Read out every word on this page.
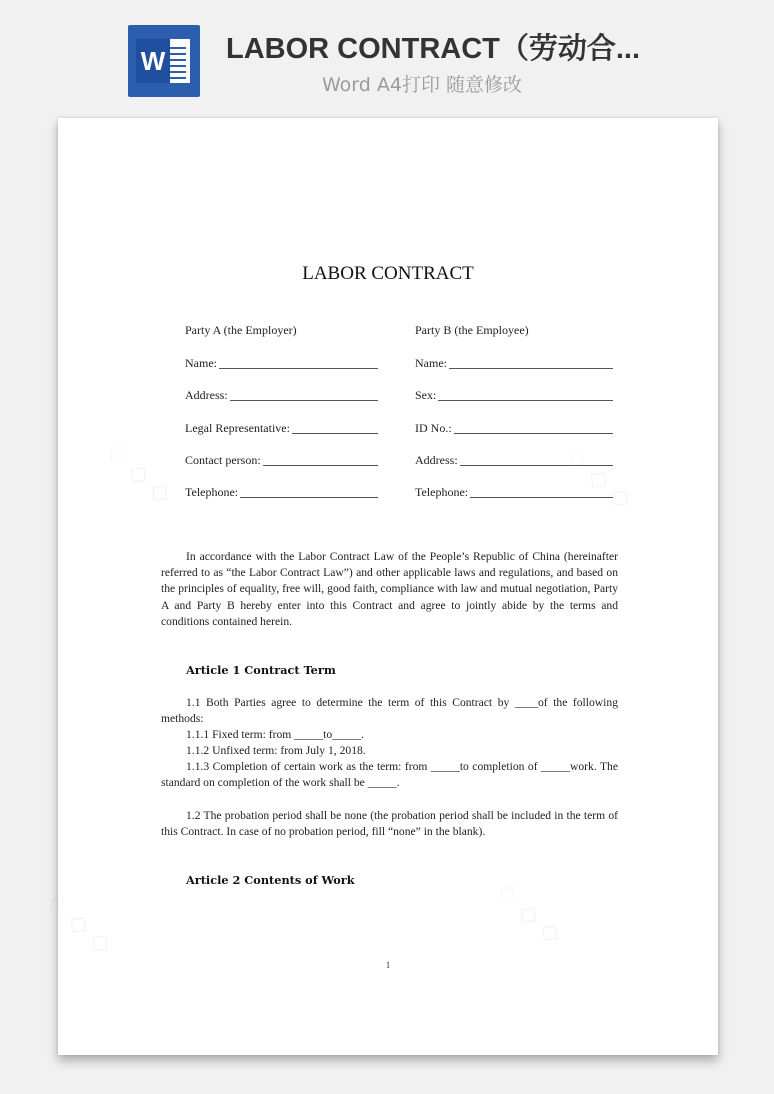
W LABOR CONTRACT（劳动合...
Word A4打印 随意修改
LABOR CONTRACT
Party A (the Employer)	Party B (the Employee)
Name:	Name:
Address:	Sex:
Legal Representative:	ID No.:
Contact person:	Address:
Telephone:	Telephone:
In accordance with the Labor Contract Law of the People’s Republic of China (hereinafter referred to as “the Labor Contract Law”) and other applicable laws and regulations, and based on the principles of equality, free will, good faith, compliance with law and mutual negotiation, Party A and Party B hereby enter into this Contract and agree to jointly abide by the terms and conditions contained herein.
Article 1 Contract Term
1.1 Both Parties agree to determine the term of this Contract by ____of the following methods:
1.1.1 Fixed term: from _____to_____.
1.1.2 Unfixed term: from July 1, 2018.
1.1.3 Completion of certain work as the term: from _____to completion of _____work. The standard on completion of the work shall be _____.
1.2 The probation period shall be none (the probation period shall be included in the term of this Contract. In case of no probation period, fill “none” in the blank).
Article 2 Contents of Work
1
